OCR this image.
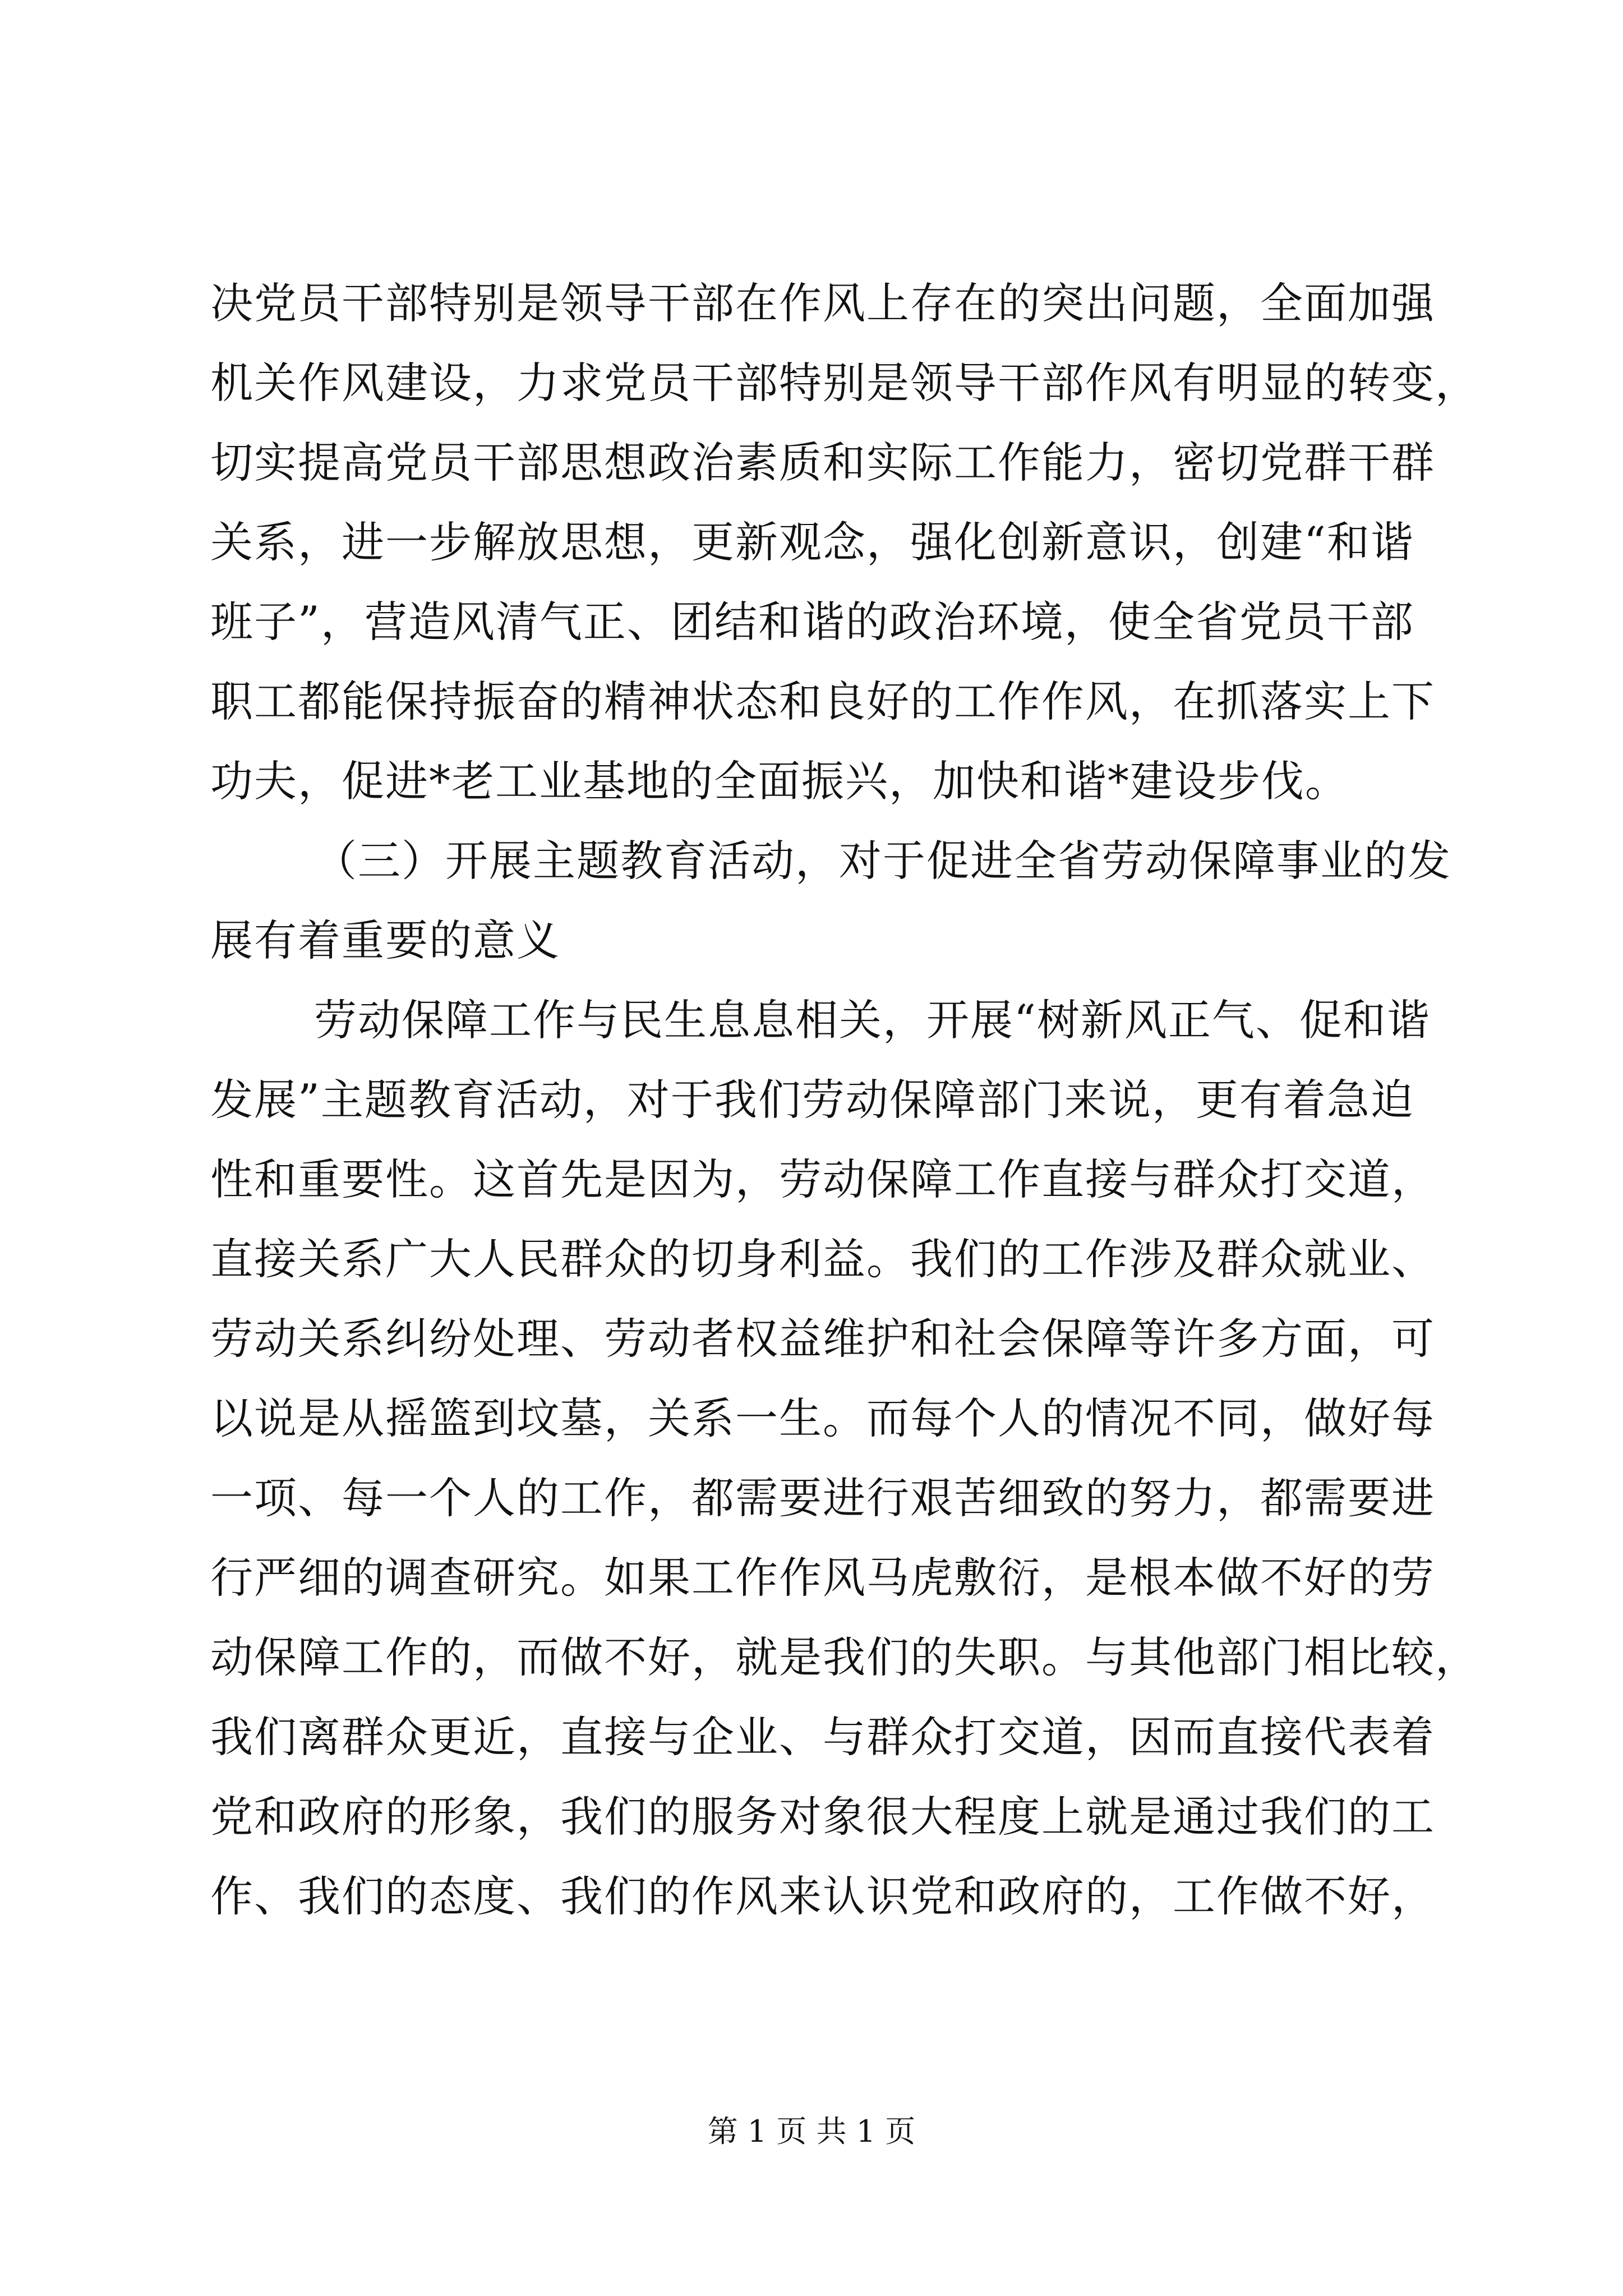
决党员干部特别是领导干部在作风上存在的突出问题，全面加强
机关作风建设，力求党员干部特别是领导干部作风有明显的转变，
切实提高党员干部思想政治素质和实际工作能力，密切党群干群
关系，进一步解放思想，更新观念，强化创新意识，创建“和谐
班子”，营造风清气正、团结和谐的政治环境，使全省党员干部
职工都能保持振奋的精神状态和良好的工作作风，在抓落实上下
功夫，促进*老工业基地的全面振兴，加快和谐*建设步伐。
（三）开展主题教育活动，对于促进全省劳动保障事业的发
展有着重要的意义
劳动保障工作与民生息息相关，开展“树新风正气、促和谐
发展”主题教育活动，对于我们劳动保障部门来说，更有着急迫
性和重要性。这首先是因为，劳动保障工作直接与群众打交道，
直接关系广大人民群众的切身利益。我们的工作涉及群众就业、
劳动关系纠纷处理、劳动者权益维护和社会保障等许多方面，可
以说是从摇篮到坟墓，关系一生。而每个人的情况不同，做好每
一项、每一个人的工作，都需要进行艰苦细致的努力，都需要进
行严细的调查研究。如果工作作风马虎敷衍，是根本做不好的劳
动保障工作的，而做不好，就是我们的失职。与其他部门相比较，
我们离群众更近，直接与企业、与群众打交道，因而直接代表着
党和政府的形象，我们的服务对象很大程度上就是通过我们的工
作、我们的态度、我们的作风来认识党和政府的，工作做不好，
第 1 页 共 1 页
